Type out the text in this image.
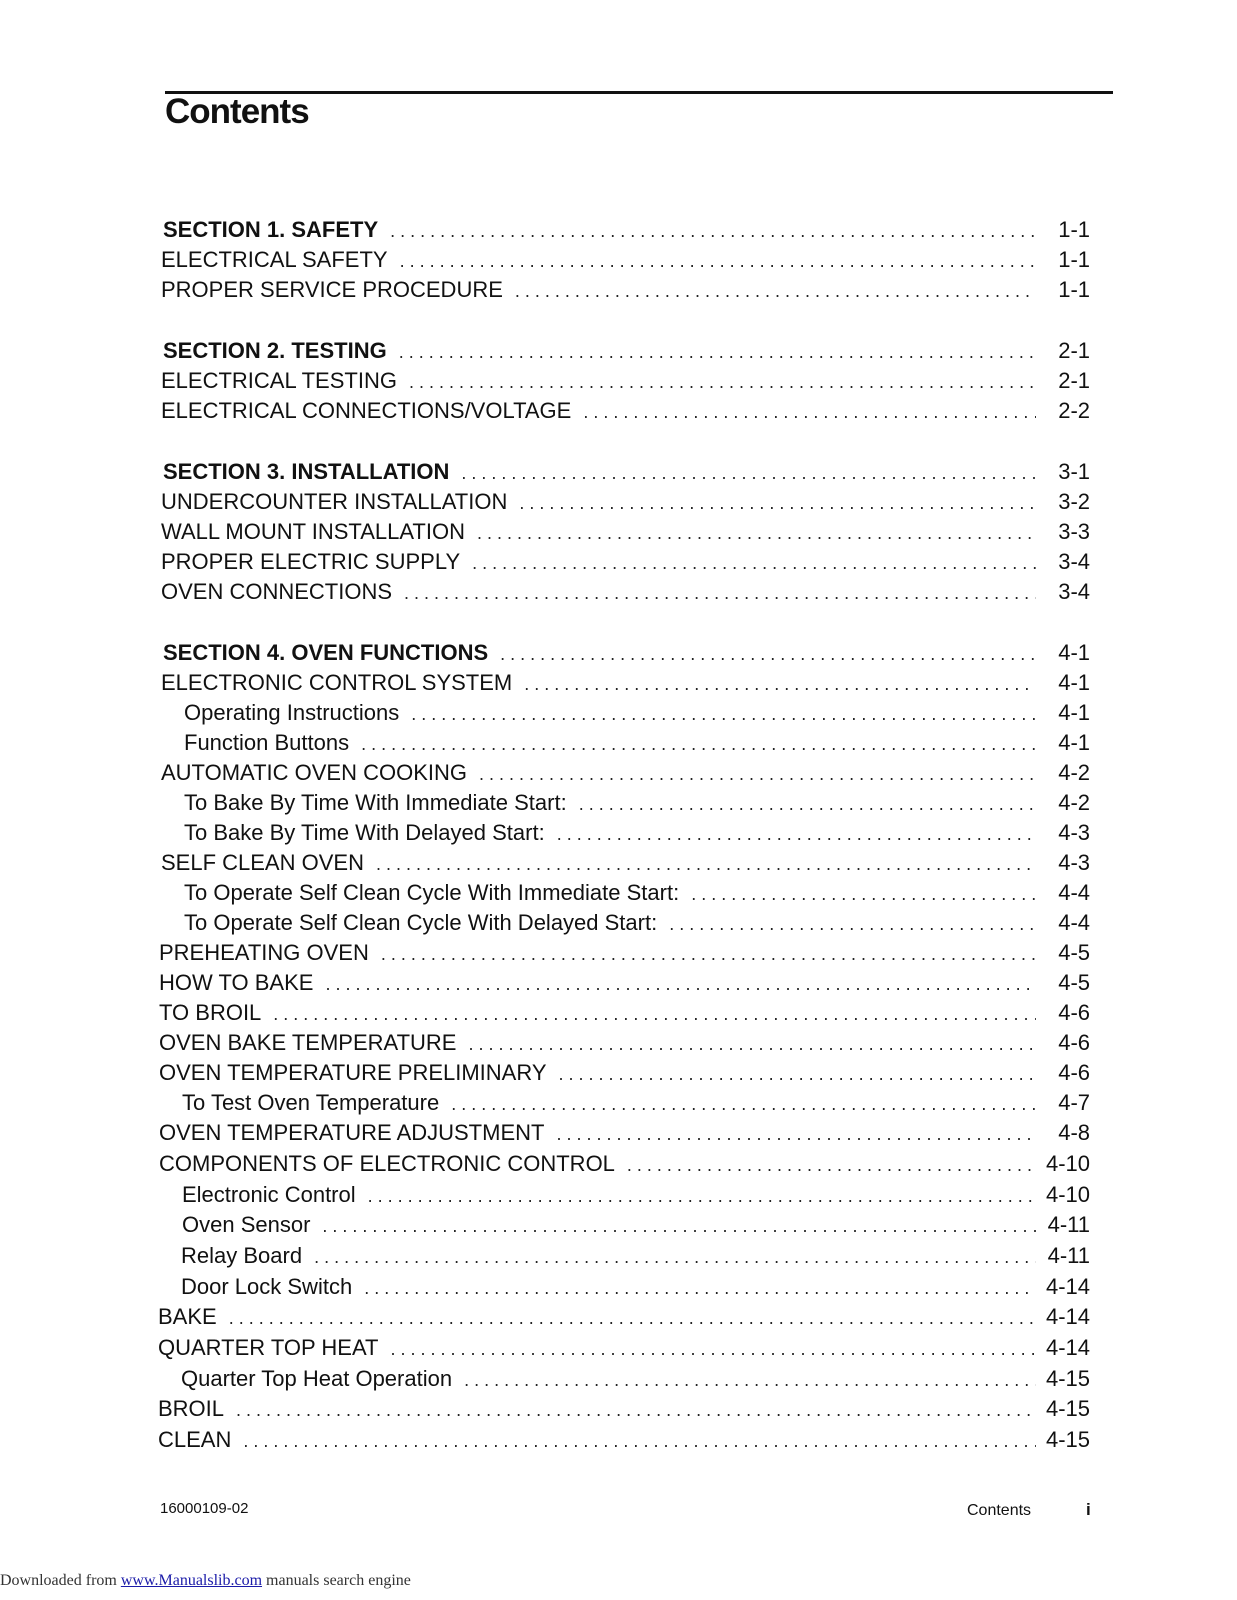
Contents
SECTION 1. SAFETY . . .	1-1
ELECTRICAL SAFETY . . .	1-1
PROPER SERVICE PROCEDURE . . .	1-1
SECTION 2. TESTING . . .	2-1
ELECTRICAL TESTING . . .	2-1
ELECTRICAL CONNECTIONS/VOLTAGE . . .	2-2
SECTION 3. INSTALLATION . . .	3-1
UNDERCOUNTER INSTALLATION . . .	3-2
WALL MOUNT INSTALLATION . . .	3-3
PROPER ELECTRIC SUPPLY . . .	3-4
OVEN CONNECTIONS . . .	3-4
SECTION 4. OVEN FUNCTIONS . . .	4-1
ELECTRONIC CONTROL SYSTEM . . .	4-1
Operating Instructions . . .	4-1
Function Buttons . . .	4-1
AUTOMATIC OVEN COOKING . . .	4-2
To Bake By Time With Immediate Start: . . .	4-2
To Bake By Time With Delayed Start: . . .	4-3
SELF CLEAN OVEN . . .	4-3
To Operate Self Clean Cycle With Immediate Start: . . .	4-4
To Operate Self Clean Cycle With Delayed Start: . . .	4-4
PREHEATING OVEN . . .	4-5
HOW TO BAKE . . .	4-5
TO BROIL . . .	4-6
OVEN BAKE TEMPERATURE . . .	4-6
OVEN TEMPERATURE PRELIMINARY . . .	4-6
To Test Oven Temperature . . .	4-7
OVEN TEMPERATURE ADJUSTMENT . . .	4-8
COMPONENTS OF ELECTRONIC CONTROL . . .	4-10
Electronic Control . . .	4-10
Oven Sensor . . .	4-11
Relay Board . . .	4-11
Door Lock Switch . . .	4-14
BAKE . . .	4-14
QUARTER TOP HEAT . . .	4-14
Quarter Top Heat Operation . . .	4-15
BROIL . . .	4-15
CLEAN . . .	4-15
16000109-02	Contents	i
Downloaded from www.Manualslib.com manuals search engine
